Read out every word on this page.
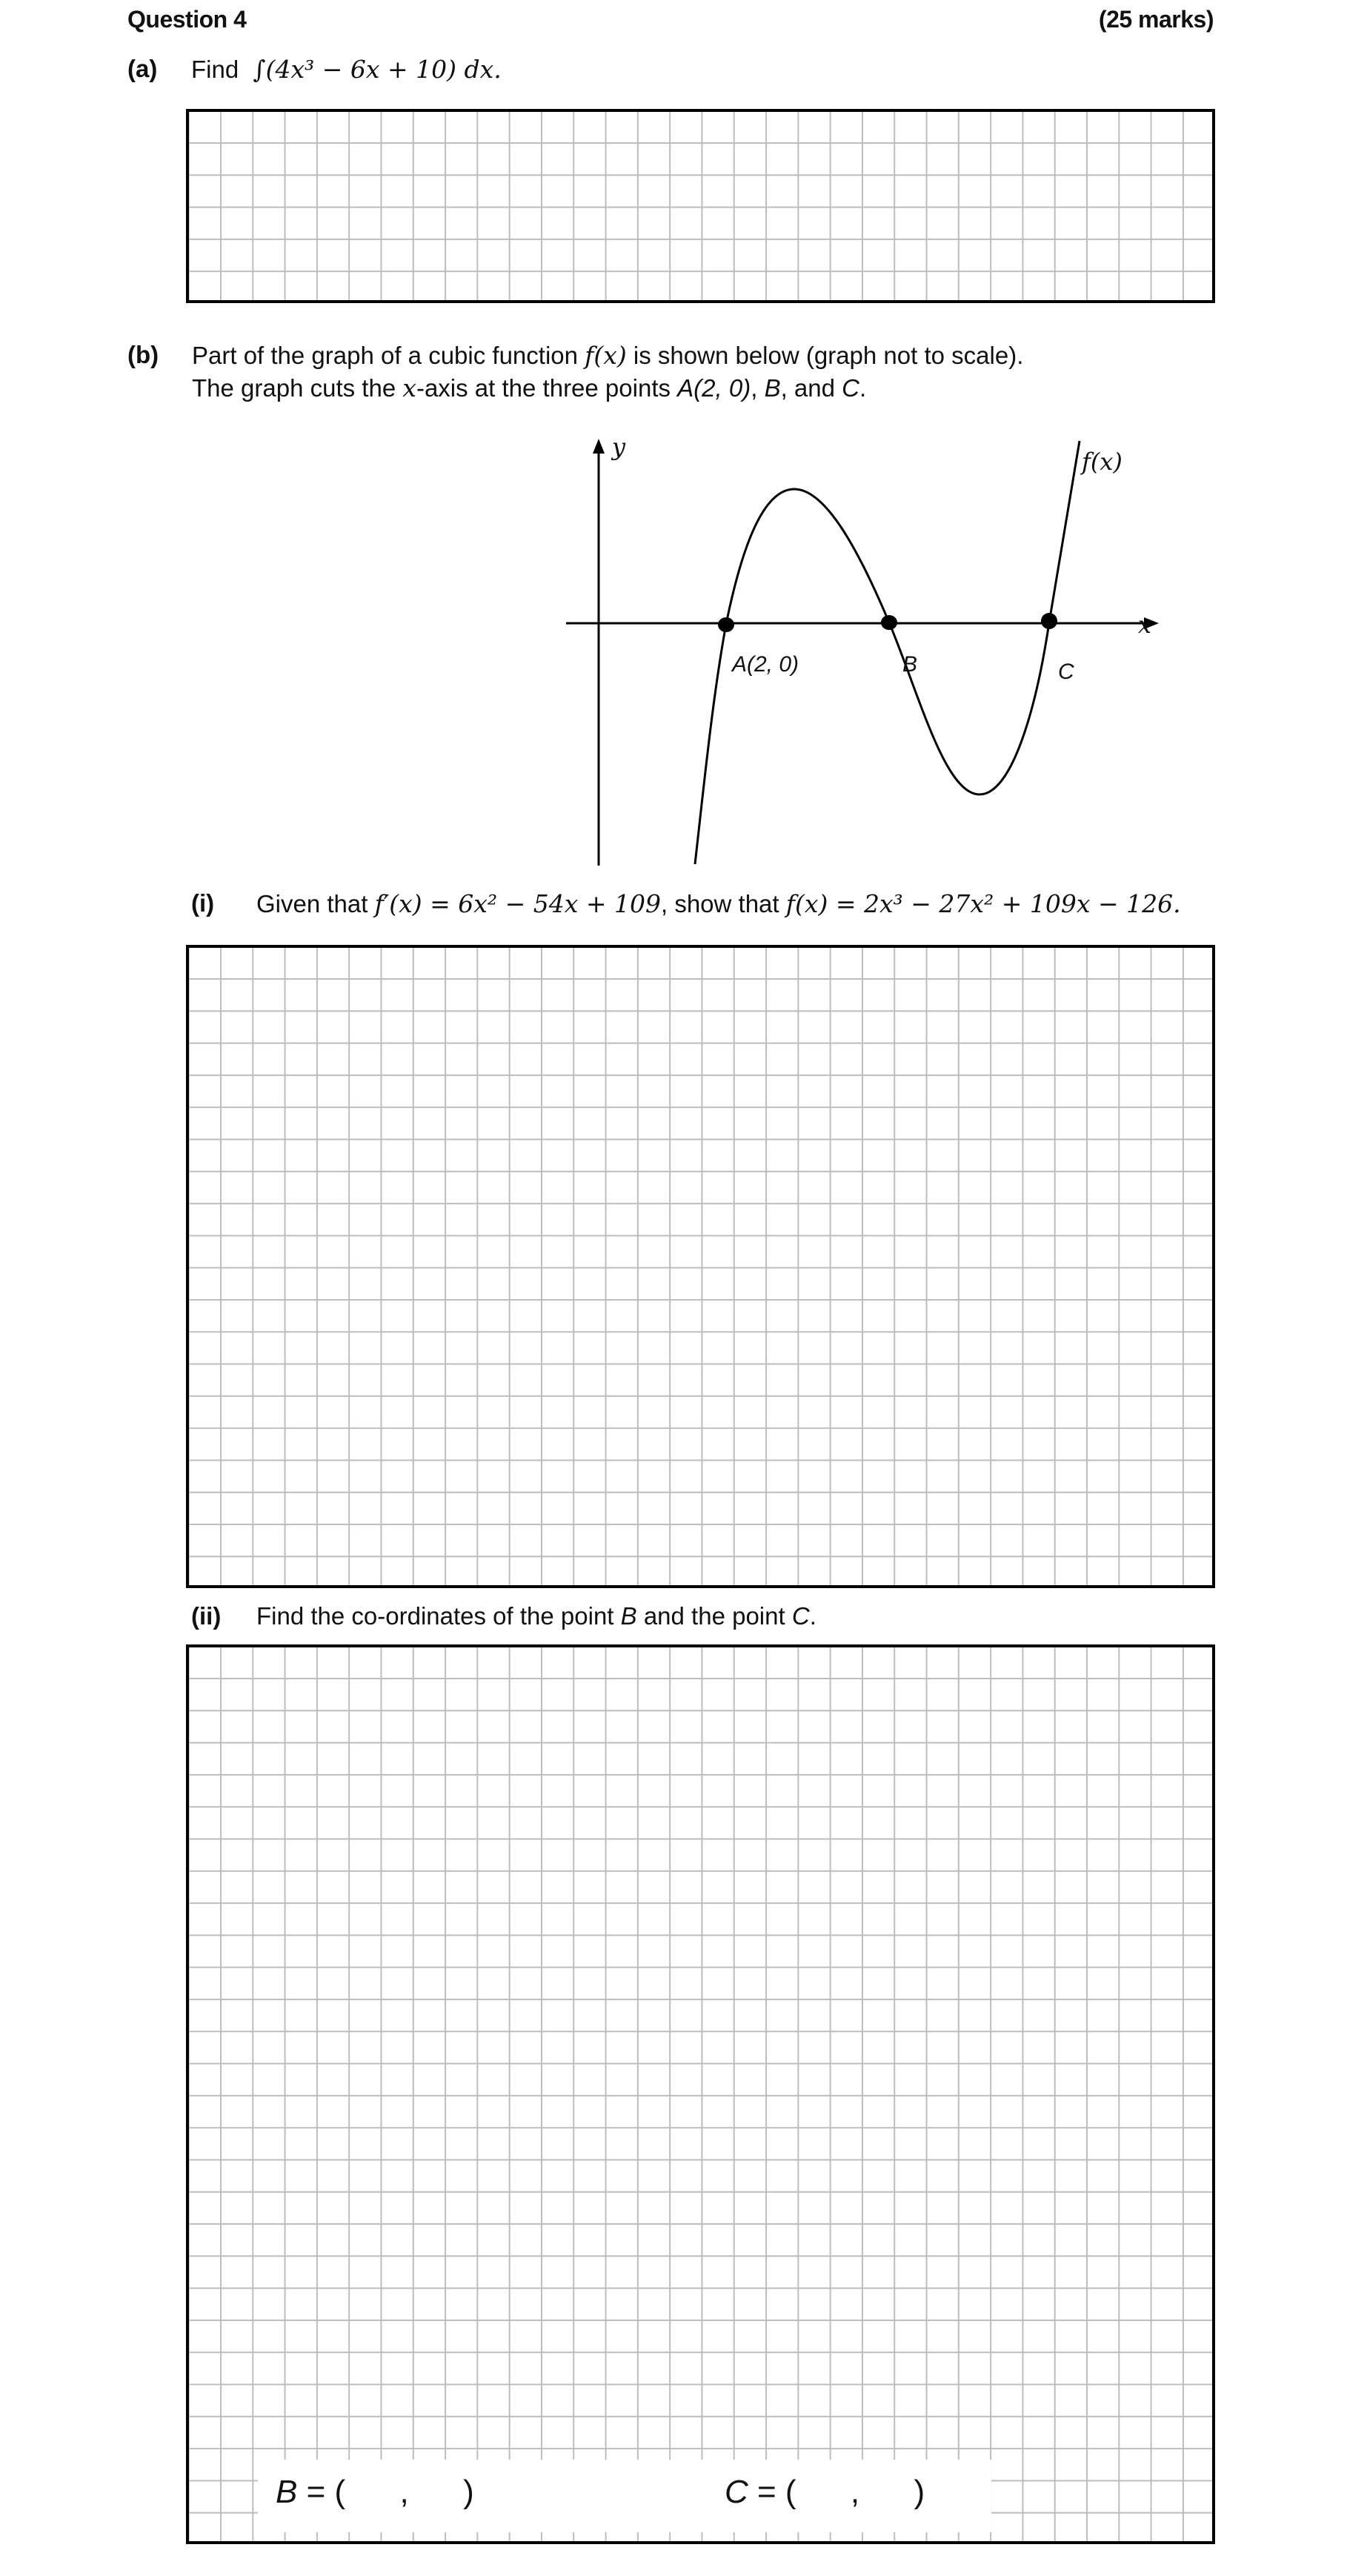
Question 4	(25 marks)
(a) Find ∫(4x³ − 6x + 10) dx.
(b) Part of the graph of a cubic function f(x) is shown below (graph not to scale).
The graph cuts the x-axis at the three points A(2, 0), B, and C.
y
x
f(x)
A(2, 0)	B	C
(i) Given that f′(x) = 6x² − 54x + 109, show that f(x) = 2x³ − 27x² + 109x − 126.
(ii) Find the co-ordinates of the point B and the point C.
B = (      ,      )	C = (      ,      )
